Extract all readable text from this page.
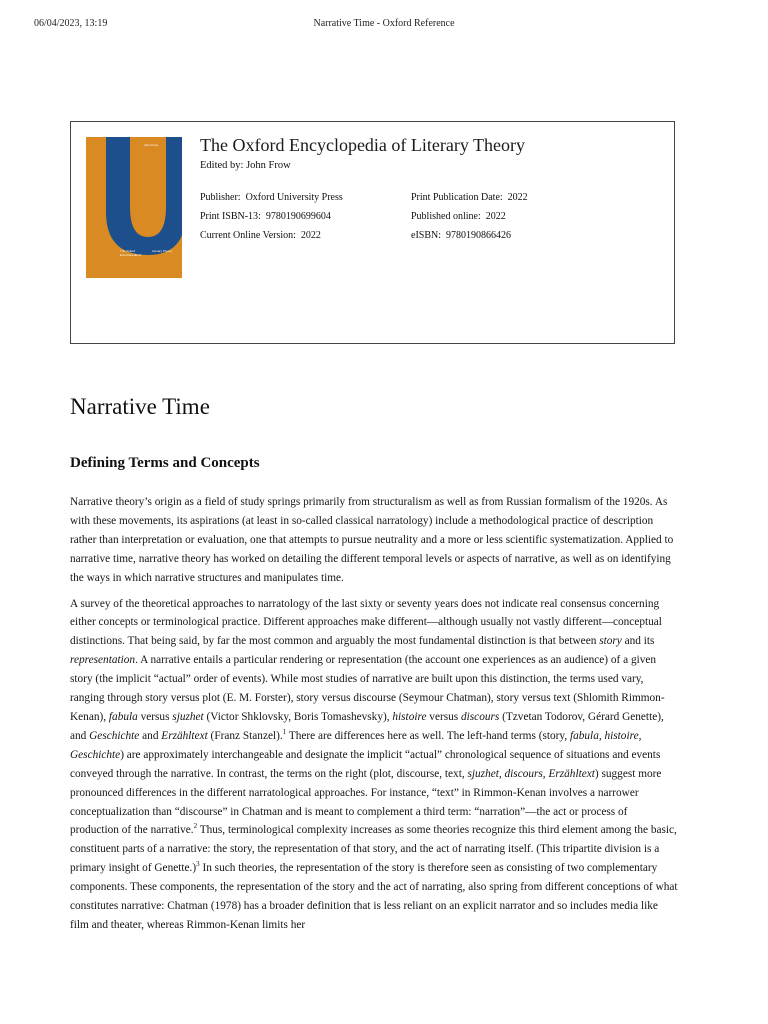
06/04/2023, 13:19	Narrative Time - Oxford Reference
John Frow
The Oxford Encyclopedia of
Literary Theory
The Oxford Encyclopedia of Literary Theory
Edited by: John Frow
Publisher: Oxford University Press
Print ISBN-13: 9780190699604
Current Online Version: 2022
Print Publication Date: 2022
Published online: 2022
eISBN: 9780190866426
Narrative Time
Defining Terms and Concepts

Narrative theory’s origin as a field of study springs primarily from structuralism as well as from Russian formalism of the 1920s. As with these movements, its aspirations (at least in so-called classical narratology) include a methodological practice of description rather than interpretation or evaluation, one that attempts to pursue neutrality and a more or less scientific systematization. Applied to narrative time, narrative theory has worked on detailing the different temporal levels or aspects of narrative, as well as on identifying the ways in which narrative structures and manipulates time.

A survey of the theoretical approaches to narratology of the last sixty or seventy years does not indicate real consensus concerning either concepts or terminological practice. Different approaches make different—although usually not vastly different—conceptual distinctions. That being said, by far the most common and arguably the most fundamental distinction is that between story and its representation. A narrative entails a particular rendering or representation (the account one experiences as an audience) of a given story (the implicit “actual” order of events). While most studies of narrative are built upon this distinction, the terms used vary, ranging through story versus plot (E. M. Forster), story versus discourse (Seymour Chatman), story versus text (Shlomith Rimmon-Kenan), fabula versus sjuzhet (Victor Shklovsky, Boris Tomashevsky), histoire versus discours (Tzvetan Todorov, Gérard Genette), and Geschichte and Erzähltext (Franz Stanzel).$^1$ There are differences here as well. The left-hand terms (story, fabula, histoire, Geschichte) are approximately interchangeable and designate the implicit “actual” chronological sequence of situations and events conveyed through the narrative. In contrast, the terms on the right (plot, discourse, text, sjuzhet, discours, Erzähltext) suggest more pronounced differences in the different narratological approaches. For instance, “text” in Rimmon-Kenan involves a narrower conceptualization than “discourse” in Chatman and is meant to complement a third term: “narration”—the act or process of production of the narrative.$^2$ Thus, terminological complexity increases as some theories recognize this third element among the basic, constituent parts of a narrative: the story, the representation of that story, and the act of narrating itself. (This tripartite division is a primary insight of Genette.)$^3$ In such theories, the representation of the story is therefore seen as consisting of two complementary components. These components, the representation of the story and the act of narrating, also spring from different conceptions of what constitutes narrative: Chatman (1978) has a broader definition that is less reliant on an explicit narrator and so includes media like film and theater, whereas Rimmon-Kenan limits her
